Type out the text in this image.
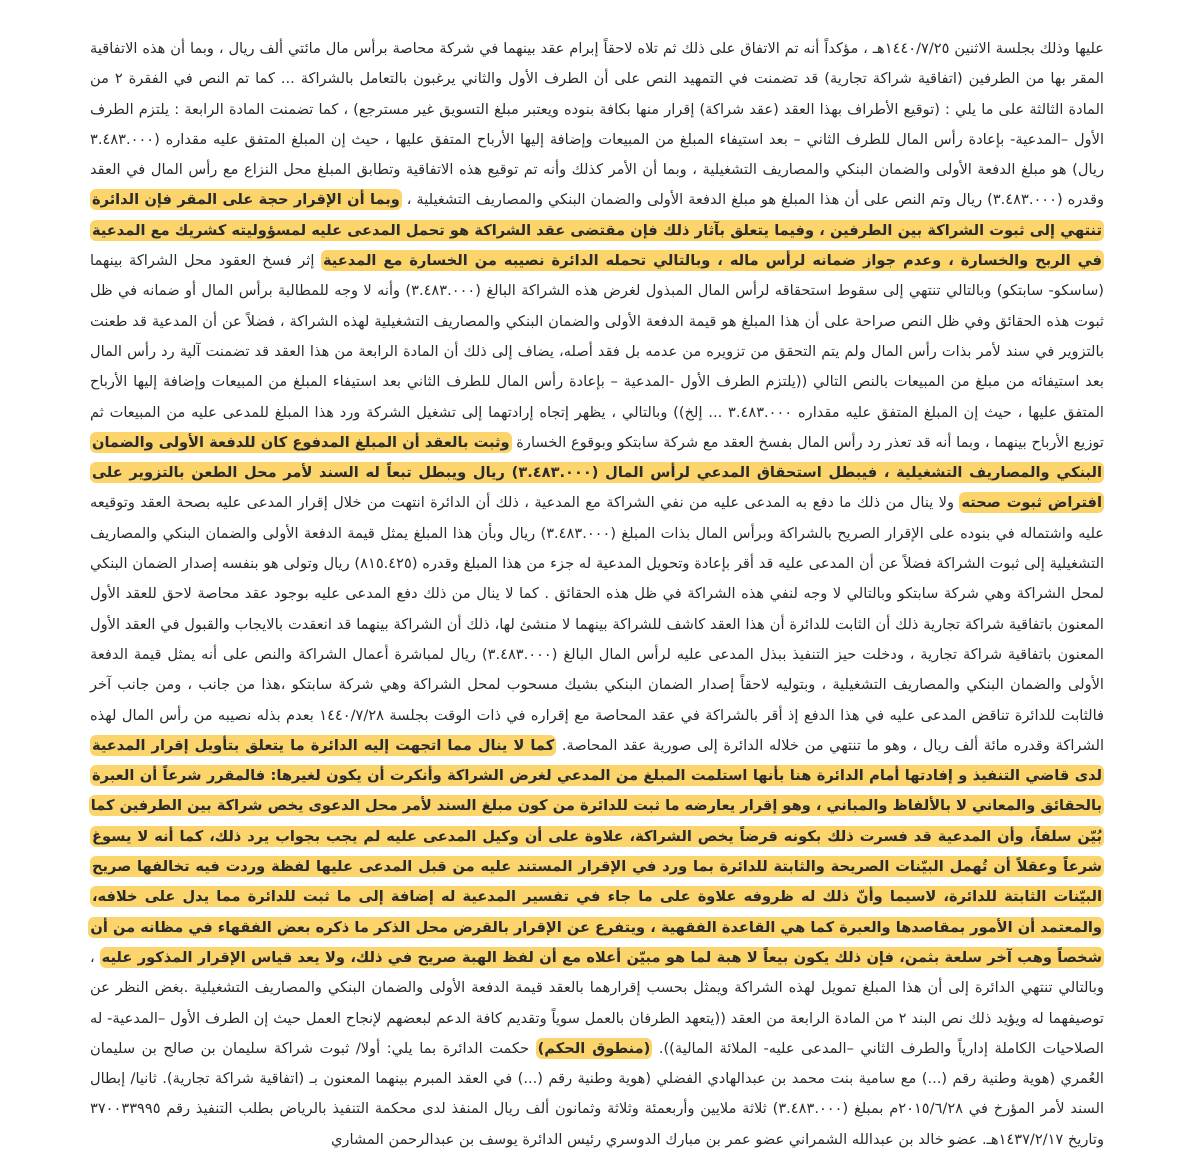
عليها وذلك بجلسة الاثنين ١٤٤٠/٧/٢٥هـ ، مؤكداً أنه تم الاتفاق على ذلك ثم تلاه لاحقاً إبرام عقد بينهما في شركة محاصة برأس مال مائتي ألف ريال ، وبما أن هذه الاتفاقية المقر بها من الطرفين (اتفاقية شراكة تجارية) قد تضمنت في التمهيد النص على أن الطرف الأول والثاني يرغبون بالتعامل بالشراكة ... كما تم النص في الفقرة ٢ من المادة الثالثة على ما يلي : (توقيع الأطراف بهذا العقد (عقد شراكة) إقرار منها بكافة بنوده ويعتبر مبلغ التسويق غير مسترجع) ، كما تضمنت المادة الرابعة : يلتزم الطرف الأول –المدعية- بإعادة رأس المال للطرف الثاني – بعد استيفاء المبلغ من المبيعات وإضافة إليها الأرباح المتفق عليها ، حيث إن المبلغ المتفق عليه مقداره (٣.٤٨٣.٠٠٠ ريال) هو مبلغ الدفعة الأولى والضمان البنكي والمصاريف التشغيلية ، وبما أن الأمر كذلك وأنه تم توقيع هذه الاتفاقية وتطابق المبلغ محل النزاع مع رأس المال في العقد وقدره (٣.٤٨٣.٠٠٠) ريال وتم النص على أن هذا المبلغ هو مبلغ الدفعة الأولى والضمان البنكي والمصاريف التشغيلية ، وبما أن الإقرار حجة على المقر فإن الدائرة تنتهي إلى ثبوت الشراكة بين الطرفين ، وفيما يتعلق بآثار ذلك فإن مقتضى عقد الشراكة هو تحمل المدعى عليه لمسؤوليته كشريك مع المدعية في الربح والخسارة ، وعدم جواز ضمانه لرأس ماله ، وبالتالي تحمله الدائرة نصيبه من الخسارة مع المدعية إثر فسخ العقود محل الشراكة بينهما (ساسكو- سابتكو) وبالتالي تنتهي إلى سقوط استحقاقه لرأس المال المبذول لغرض هذه الشراكة البالغ (٣.٤٨٣.٠٠٠) وأنه لا وجه للمطالبة برأس المال أو ضمانه في ظل ثبوت هذه الحقائق وفي ظل النص صراحة على أن هذا المبلغ هو قيمة الدفعة الأولى والضمان البنكي والمصاريف التشغيلية لهذه الشراكة ، فضلاً عن أن المدعية قد طعنت بالتزوير في سند لأمر بذات رأس المال ولم يتم التحقق من تزويره من عدمه بل فقد أصله، يضاف إلى ذلك أن المادة الرابعة من هذا العقد قد تضمنت آلية رد رأس المال بعد استيفائه من مبلغ من المبيعات بالنص التالي ((يلتزم الطرف الأول -المدعية – بإعادة رأس المال للطرف الثاني بعد استيفاء المبلغ من المبيعات وإضافة إليها الأرباح المتفق عليها ، حيث إن المبلغ المتفق عليه مقداره ٣.٤٨٣.٠٠٠ ... إلخ)) وبالتالي ، يظهر إتجاه إرادتهما إلى تشغيل الشركة ورد هذا المبلغ للمدعى عليه من المبيعات ثم توزيع الأرباح بينهما ، وبما أنه قد تعذر رد رأس المال بفسخ العقد مع شركة سابتكو وبوقوع الخسارة وثبت بالعقد أن المبلغ المدفوع كان للدفعة الأولى والضمان البنكي والمصاريف التشغيلية ، فيبطل استحقاق المدعي لرأس المال (٣.٤٨٣.٠٠٠) ريال ويبطل تبعاً له السند لأمر محل الطعن بالتزوير على افتراض ثبوت صحته ولا ينال من ذلك ما دفع به المدعى عليه من نفي الشراكة مع المدعية ، ذلك أن الدائرة انتهت من خلال إقرار المدعى عليه بصحة العقد وتوقيعه عليه واشتماله في بنوده على الإقرار الصريح بالشراكة وبرأس المال بذات المبلغ (٣.٤٨٣.٠٠٠) ريال وبأن هذا المبلغ يمثل قيمة الدفعة الأولى والضمان البنكي والمصاريف التشغيلية إلى ثبوت الشراكة فضلاً عن أن المدعى عليه قد أقر بإعادة وتحويل المدعية له جزء من هذا المبلغ وقدره (٨١٥.٤٢٥) ريال وتولى هو بنفسه إصدار الضمان البنكي لمحل الشراكة وهي شركة سابتكو وبالتالي لا وجه لنفي هذه الشراكة في ظل هذه الحقائق . كما لا ينال من ذلك دفع المدعى عليه بوجود عقد محاصة لاحق للعقد الأول المعنون باتفاقية شراكة تجارية ذلك أن الثابت للدائرة أن هذا العقد كاشف للشراكة بينهما لا منشئ لها، ذلك أن الشراكة بينهما قد انعقدت بالايجاب والقبول في العقد الأول المعنون باتفاقية شراكة تجارية ، ودخلت حيز التنفيذ ببذل المدعى عليه لرأس المال البالغ (٣.٤٨٣.٠٠٠) ريال لمباشرة أعمال الشراكة والنص على أنه يمثل قيمة الدفعة الأولى والضمان البنكي والمصاريف التشغيلية ، وبتوليه لاحقاً إصدار الضمان البنكي بشيك مسحوب لمحل الشراكة وهي شركة سابتكو ،هذا من جانب ، ومن جانب آخر فالثابت للدائرة تناقض المدعى عليه في هذا الدفع إذ أقر بالشراكة في عقد المحاصة مع إقراره في ذات الوقت بجلسة ١٤٤٠/٧/٢٨ بعدم بذله نصيبه من رأس المال لهذه الشراكة وقدره مائة ألف ريال ، وهو ما تنتهي من خلاله الدائرة إلى صورية عقد المحاصة. كما لا ينال مما اتجهت إليه الدائرة ما يتعلق بتأويل إقرار المدعية لدى قاضي التنفيذ و إفادتها أمام الدائرة هنا بأنها استلمت المبلغ من المدعي لغرض الشراكة وأنكرت أن يكون لغيرها: فالمقرر شرعاً أن العبرة بالحقائق والمعاني لا بالألفاظ والمباني ، وهو إقرار يعارضه ما ثبت للدائرة من كون مبلغ السند لأمر محل الدعوى يخص شراكة بين الطرفين كما بُيّن سلفاً، وأن المدعية قد فسرت ذلك بكونه قرضاً يخص الشراكة، علاوة على أن وكيل المدعى عليه لم يجب بجواب يرد ذلك، كما أنه لا يسوغ شرعاً وعقلاً أن تُهمل البيّنات الصريحة والثابتة للدائرة بما ورد في الإقرار المستند عليه من قبل المدعى عليها لفظة وردت فيه تخالفها صريح البيّنات الثابتة للدائرة، لاسيما وأنّ ذلك له ظروفه علاوة على ما جاء في تفسير المدعية له إضافة إلى ما ثبت للدائرة مما يدل على خلافه، والمعتمد أن الأمور بمقاصدها والعبرة كما هي القاعدة الفقهية ، ويتفرع عن الإقرار بالقرض محل الذكر ما ذكره بعض الفقهاء في مظانه من أن شخصاً وهب آخر سلعة بثمن، فإن ذلك يكون بيعاً لا هبة لما هو مبيّن أعلاه مع أن لفظ الهبة صريح في ذلك، ولا يعد قياس الإقرار المذكور عليه ، وبالتالي تنتهي الدائرة إلى أن هذا المبلغ تمويل لهذه الشراكة ويمثل بحسب إقرارهما بالعقد قيمة الدفعة الأولى والضمان البنكي والمصاريف التشغيلية .بغض النظر عن توصيفهما له ويؤيد ذلك نص البند ٢ من المادة الرابعة من العقد ((يتعهد الطرفان بالعمل سوياً وتقديم كافة الدعم لبعضهم لإنجاح العمل حيث إن الطرف الأول –المدعية- له الصلاحيات الكاملة إدارياً والطرف الثاني –المدعى عليه- الملائة المالية)). (منطوق الحكم) حكمت الدائرة بما يلي: أولا/ ثبوت شراكة سليمان بن صالح بن سليمان العُمري (هوية وطنية رقم (...) مع سامية بنت محمد بن عبدالهادي الفضلي (هوية وطنية رقم (...) في العقد المبرم بينهما المعنون بـ (اتفاقية شراكة تجارية). ثانيا/ إبطال السند لأمر المؤرخ في ٢٠١٥/٦/٢٨م بمبلغ (٣.٤٨٣.٠٠٠) ثلاثة ملايين وأربعمئة وثلاثة وثمانون ألف ريال المنفذ لدى محكمة التنفيذ بالرياض بطلب التنفيذ رقم ٣٧٠٠٣٣٩٩٥ وتاريخ ١٤٣٧/٢/١٧هـ. عضو خالد بن عبدالله الشمراني عضو عمر بن مبارك الدوسري رئيس الدائرة يوسف بن عبدالرحمن المشاري
